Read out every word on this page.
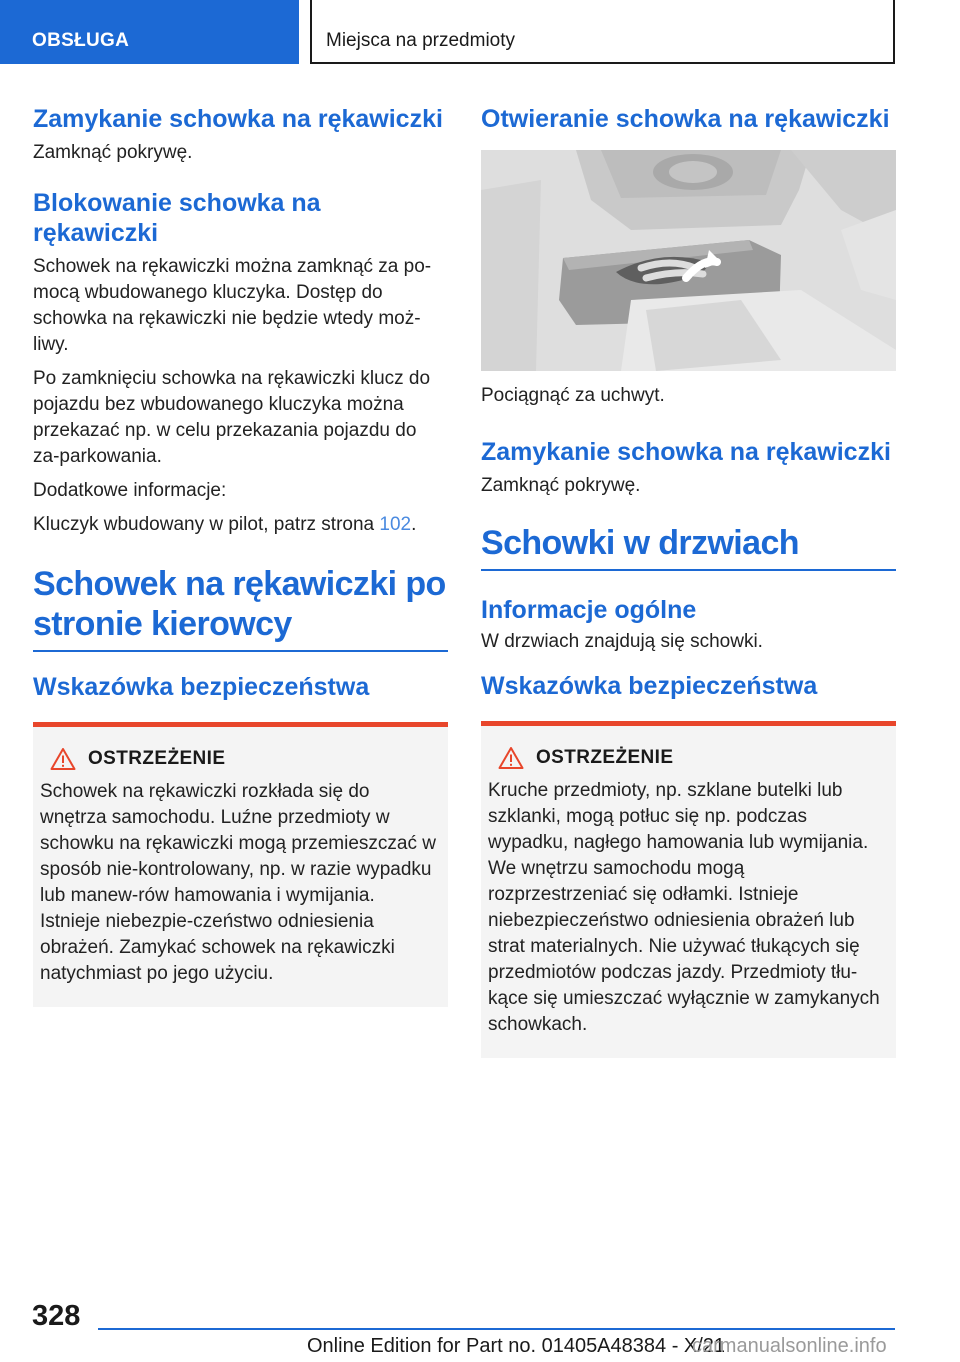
OBSŁUGA	Miejsca na przedmioty
Zamykanie schowka na rękawiczki
Zamknąć pokrywę.
Blokowanie schowka na rękawiczki
Schowek na rękawiczki można zamknąć za po-mocą wbudowanego kluczyka. Dostęp do schowka na rękawiczki nie będzie wtedy moż-liwy.
Po zamknięciu schowka na rękawiczki klucz do pojazdu bez wbudowanego kluczyka można przekazać np. w celu przekazania pojazdu do za-parkowania.
Dodatkowe informacje:
Kluczyk wbudowany w pilot, patrz strona 102.
Schowek na rękawiczki po stronie kierowcy
Wskazówka bezpieczeństwa
OSTRZEŻENIE
Schowek na rękawiczki rozkłada się do wnętrza samochodu. Luźne przedmioty w schowku na rękawiczki mogą przemieszczać w sposób nie-kontrolowany, np. w razie wypadku lub manew-rów hamowania i wymijania. Istnieje niebezpie-czeństwo odniesienia obrażeń. Zamykać schowek na rękawiczki natychmiast po jego użyciu.
Otwieranie schowka na rękawiczki
Pociągnąć za uchwyt.
Zamykanie schowka na rękawiczki
Zamknąć pokrywę.
Schowki w drzwiach
Informacje ogólne
W drzwiach znajdują się schowki.
Wskazówka bezpieczeństwa
OSTRZEŻENIE
Kruche przedmioty, np. szklane butelki lub szklanki, mogą potłuc się np. podczas wypadku, nagłego hamowania lub wymijania. We wnętrzu samochodu mogą rozprzestrzeniać się odłamki. Istnieje niebezpieczeństwo odniesienia obrażeń lub strat materialnych. Nie używać tłukących się przedmiotów podczas jazdy. Przedmioty tłu-kące się umieszczać wyłącznie w zamykanych schowkach.
328
Online Edition for Part no. 01405A48384 - X/21
carmanualsonline.info
